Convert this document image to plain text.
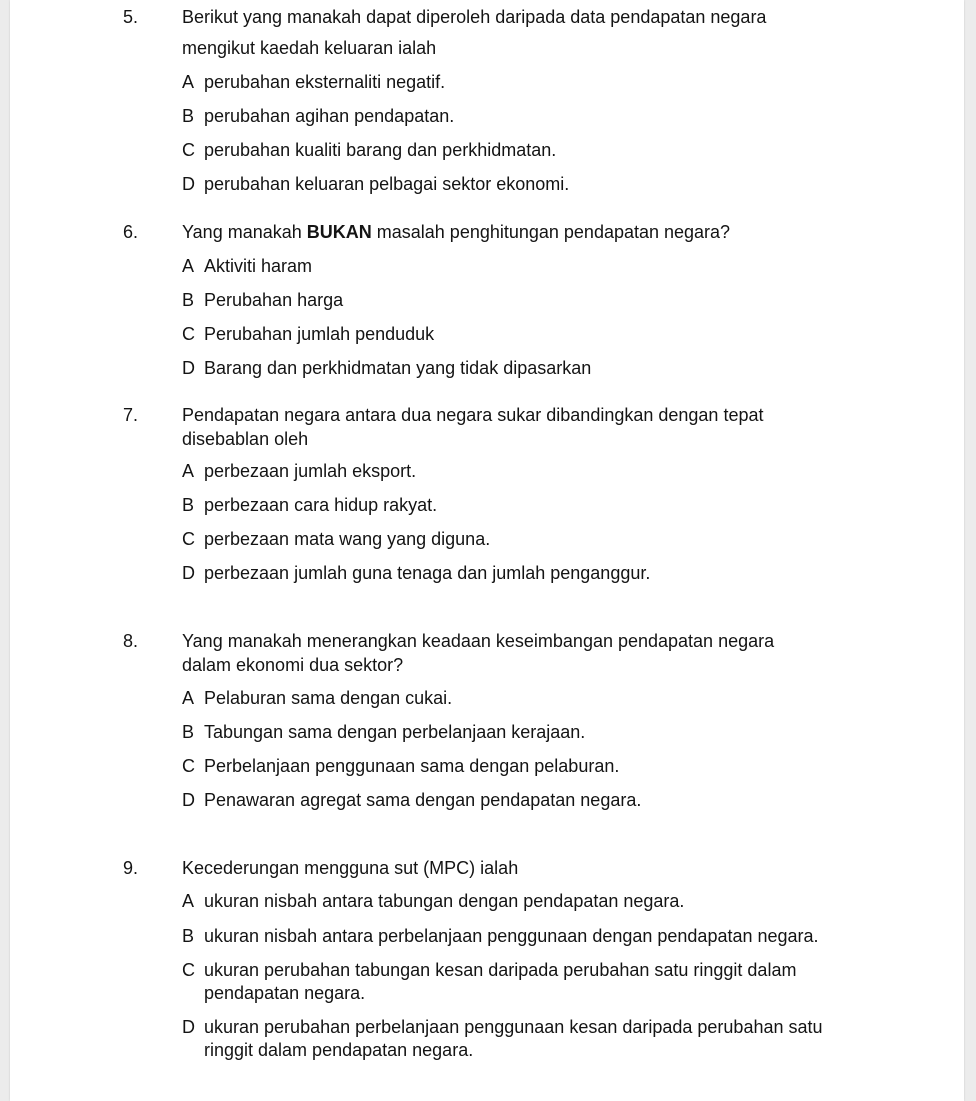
5. Berikut yang manakah dapat diperoleh daripada data pendapatan negara
mengikut kaedah keluaran ialah
A perubahan eksternaliti negatif.
B perubahan agihan pendapatan.
C perubahan kualiti barang dan perkhidmatan.
D perubahan keluaran pelbagai sektor ekonomi.
6. Yang manakah BUKAN masalah penghitungan pendapatan negara?
A Aktiviti haram
B Perubahan harga
C Perubahan jumlah penduduk
D Barang dan perkhidmatan yang tidak dipasarkan
7. Pendapatan negara antara dua negara sukar dibandingkan dengan tepat
disebablan oleh
A perbezaan jumlah eksport.
B perbezaan cara hidup rakyat.
C perbezaan mata wang yang diguna.
D perbezaan jumlah guna tenaga dan jumlah penganggur.
8. Yang manakah menerangkan keadaan keseimbangan pendapatan negara
dalam ekonomi dua sektor?
A Pelaburan sama dengan cukai.
B Tabungan sama dengan perbelanjaan kerajaan.
C Perbelanjaan penggunaan sama dengan pelaburan.
D Penawaran agregat sama dengan pendapatan negara.
9. Kecederungan mengguna sut (MPC) ialah
A ukuran nisbah antara tabungan dengan pendapatan negara.
B ukuran nisbah antara perbelanjaan penggunaan dengan pendapatan negara.
C ukuran perubahan tabungan kesan daripada perubahan satu ringgit dalam pendapatan negara.
D ukuran perubahan perbelanjaan penggunaan kesan daripada perubahan satu ringgit dalam pendapatan negara.
